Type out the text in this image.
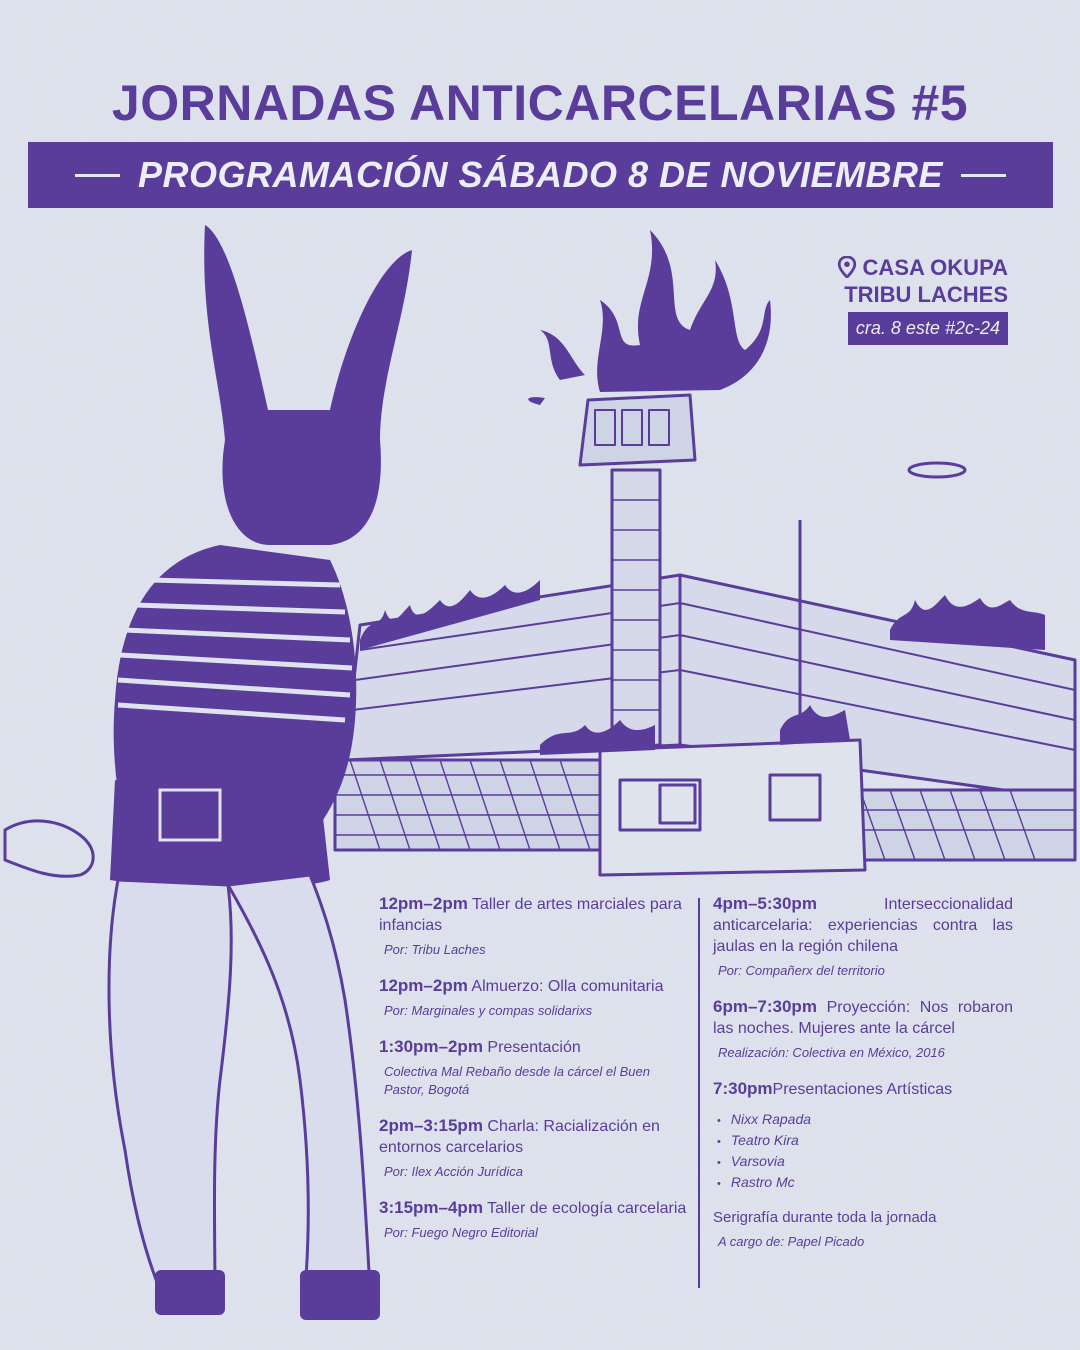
JORNADAS ANTICARCELARIAS #5
PROGRAMACIÓN SÁBADO 8 DE NOVIEMBRE
CASA OKUPA
TRIBU LACHES
cra. 8 este #2c-24
12pm–2pm Taller de artes marciales para infancias
Por: Tribu Laches
12pm–2pm Almuerzo: Olla comunitaria
Por: Marginales y compas solidarixs
1:30pm–2pm Presentación
Colectiva Mal Rebaño desde la cárcel el Buen Pastor, Bogotá
2pm–3:15pm Charla: Racialización en entornos carcelarios
Por: Ilex Acción Jurídica
3:15pm–4pm Taller de ecología carcelaria
Por: Fuego Negro Editorial
4pm–5:30pm	Interseccionalidad anticarcelaria: experiencias contra las jaulas en la región chilena
Por: Compañerx del territorio
6pm–7:30pm Proyección: Nos robaron las noches. Mujeres ante la cárcel
Realización: Colectiva en México, 2016
7:30pmPresentaciones Artísticas
• Nixx Rapada
• Teatro Kira
• Varsovia
• Rastro Mc
Serigrafía durante toda la jornada
A cargo de: Papel Picado
